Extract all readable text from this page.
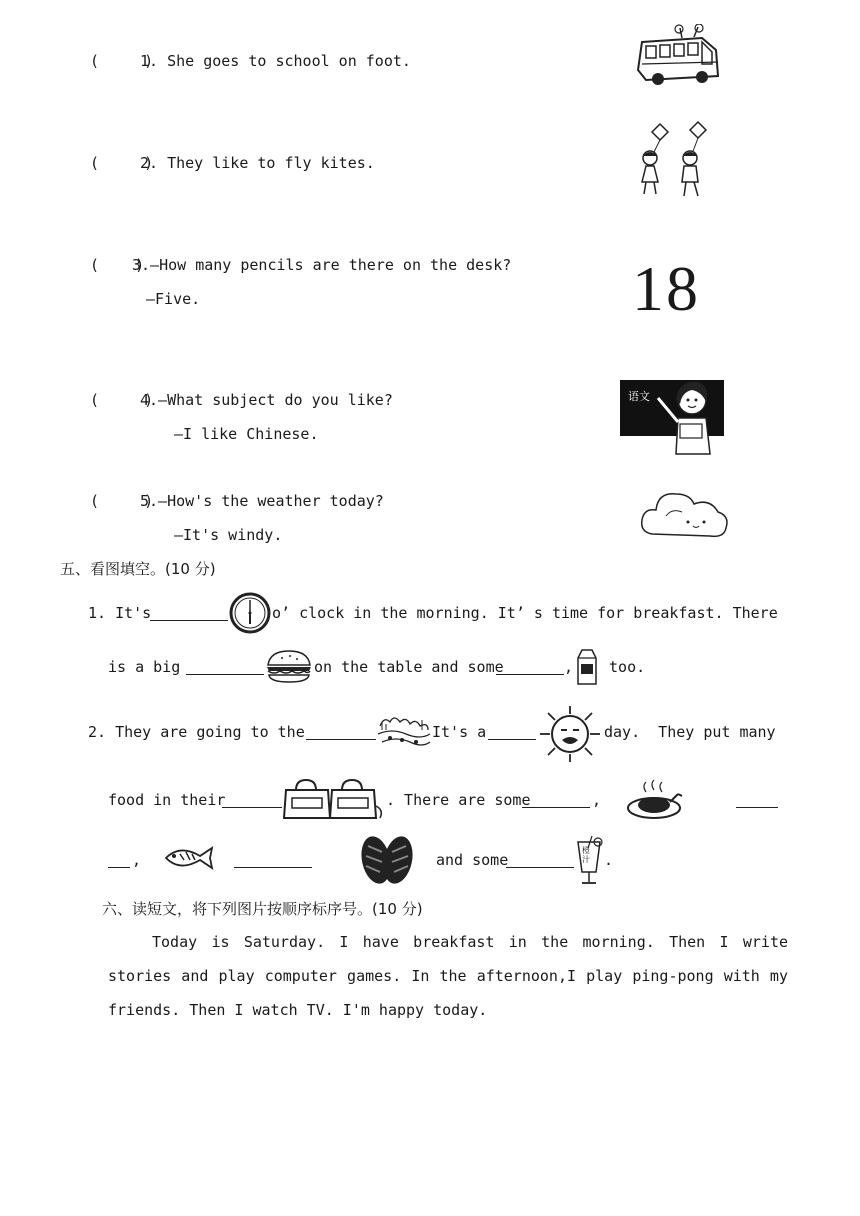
(     )
1. She goes to school on foot.
(     )
2. They like to fly kites.
(    )
3.—How many pencils are there on the desk?
—Five.	18
(     )
4.—What subject do you like?
—I like Chinese.
语文
(     )
5.—How's the weather today?
—It's windy.
五、看图填空。(10 分)
1. It's	o’ clock in the morning. It’ s time for breakfast. There
is a big	on the table and some	, too.
2. They are going to the	It's a	day.  They put many
food in their	. There are some	,
,	and some
橙汁 .
六、读短文，将下列图片按顺序标序号。(10 分)
Today is Saturday. I have breakfast in the morning. Then I write stories and play computer games. In the afternoon,I play ping-pong with my friends. Then I watch TV. I'm happy today.
